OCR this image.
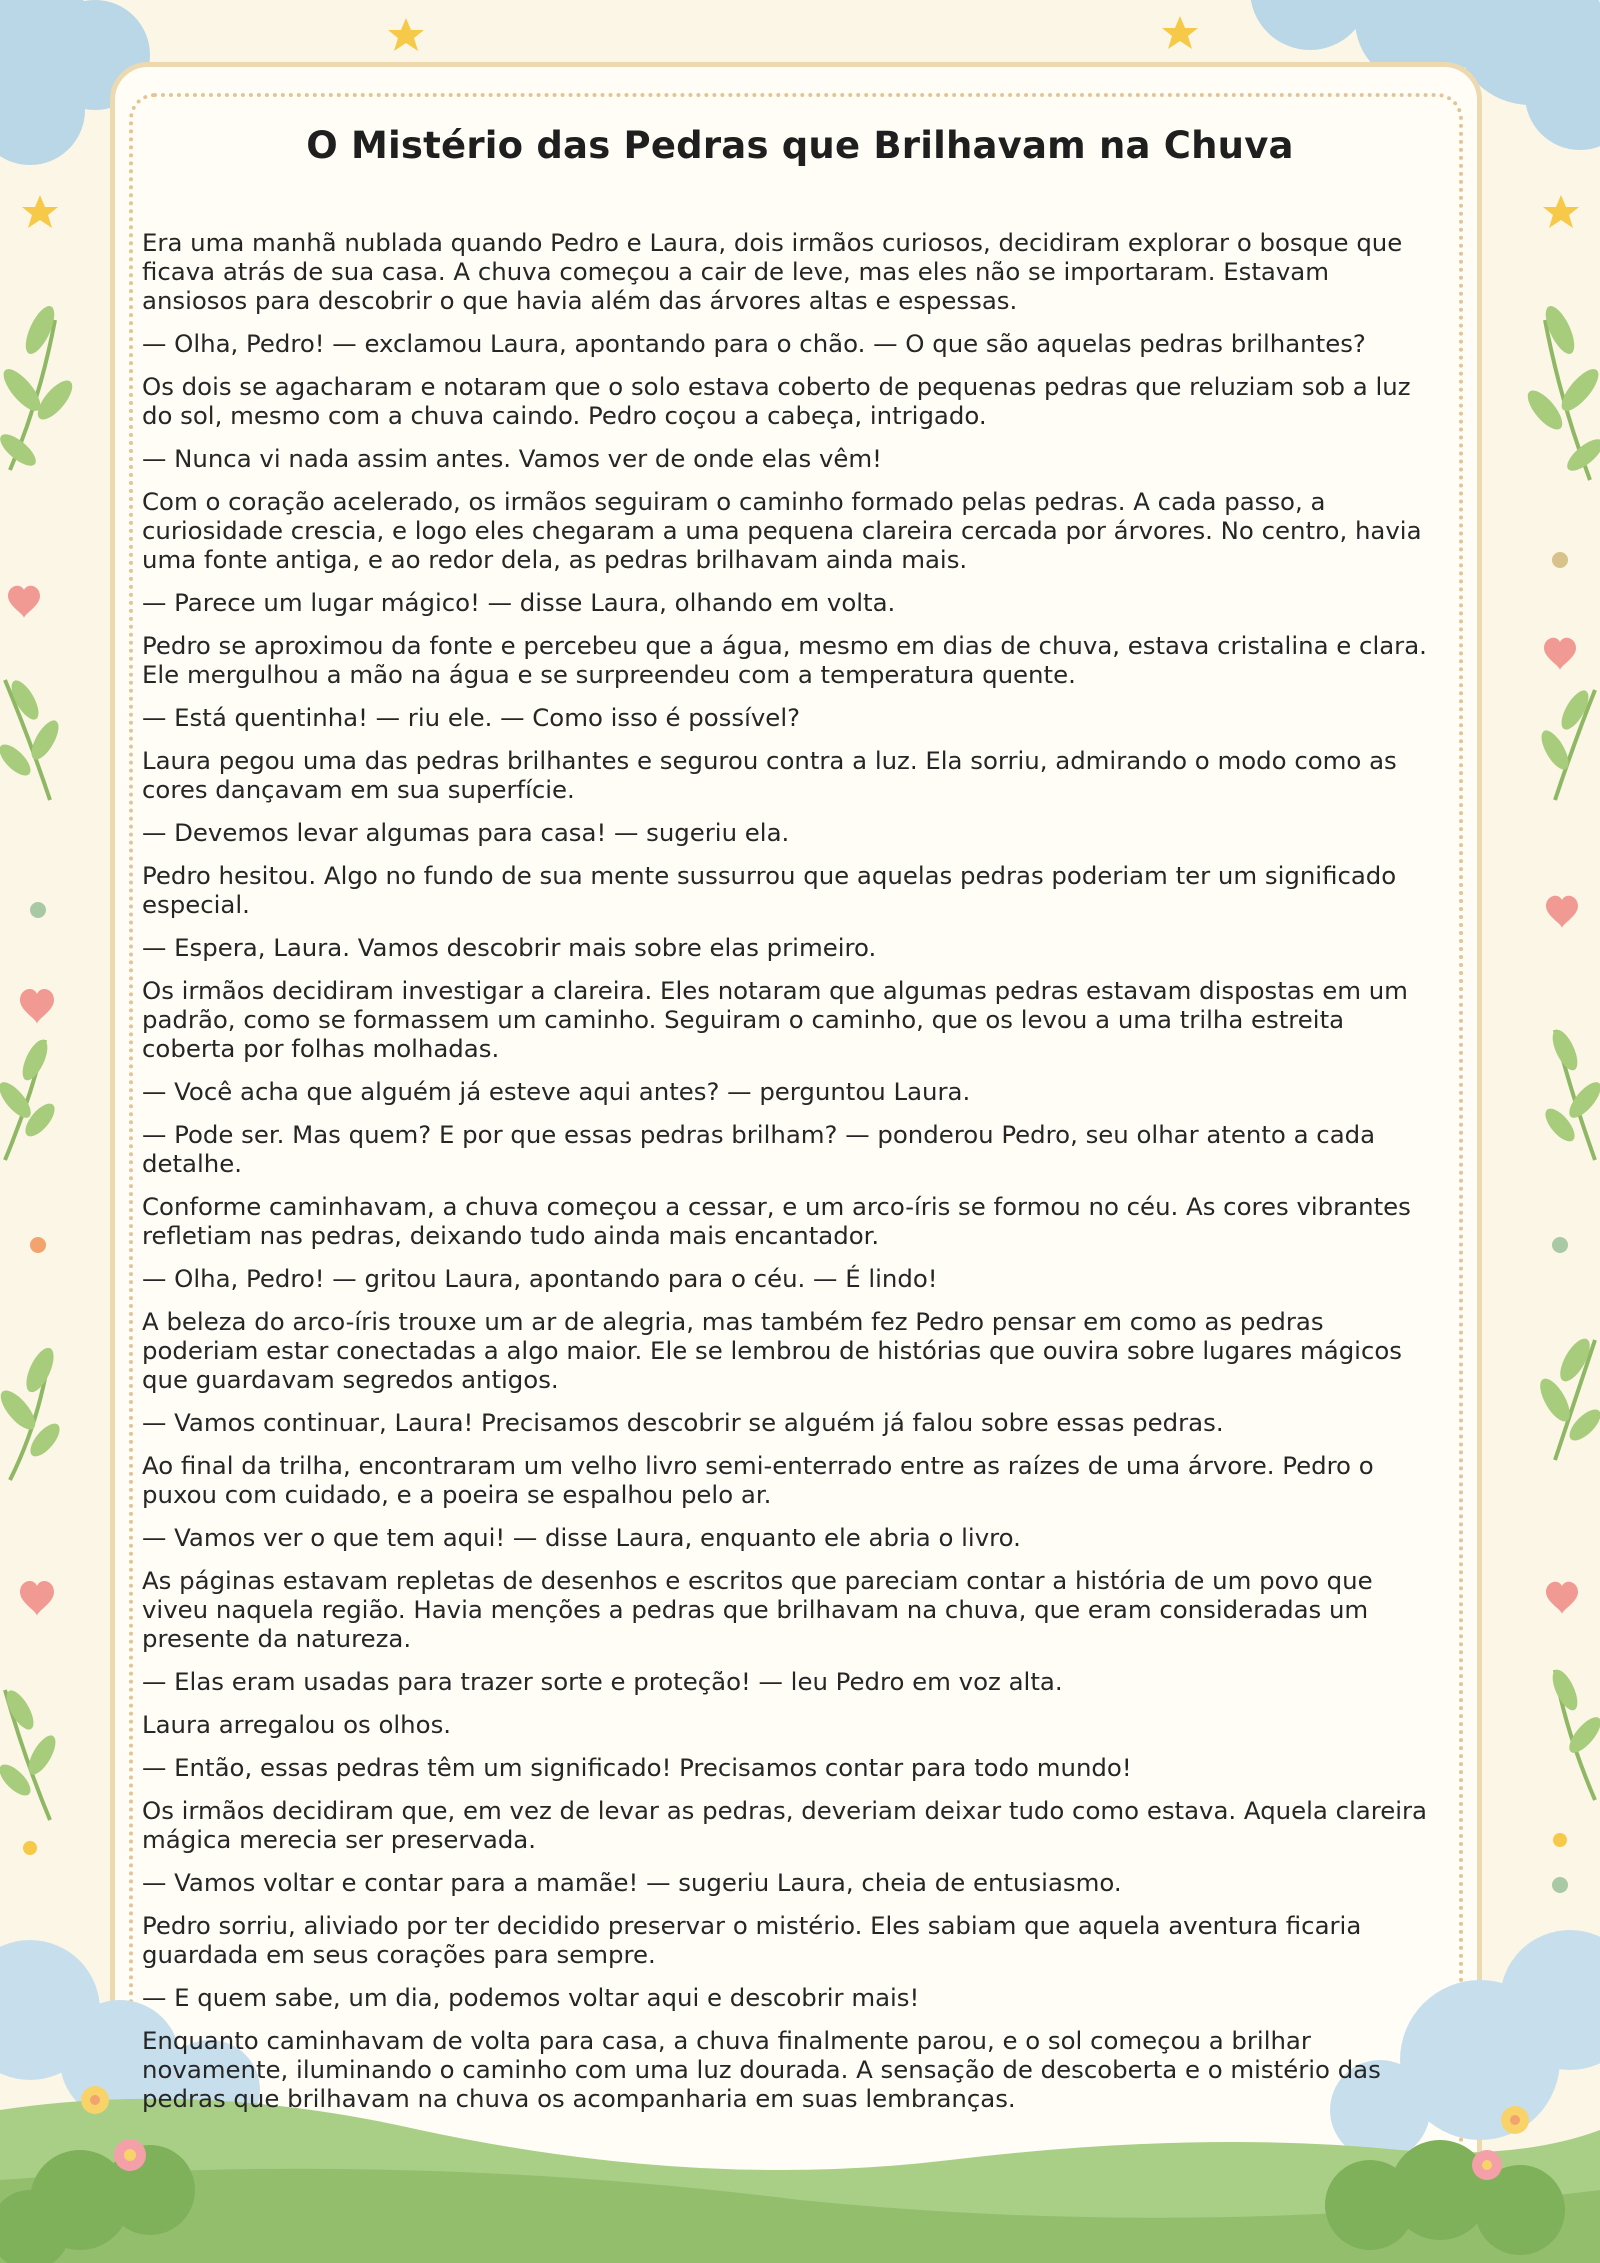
O Mistério das Pedras que Brilhavam na Chuva

Era uma manhã nublada quando Pedro e Laura, dois irmãos curiosos, decidiram explorar o bosque que ficava atrás de sua casa. A chuva começou a cair de leve, mas eles não se importaram. Estavam ansiosos para descobrir o que havia além das árvores altas e espessas.

— Olha, Pedro! — exclamou Laura, apontando para o chão. — O que são aquelas pedras brilhantes?

Os dois se agacharam e notaram que o solo estava coberto de pequenas pedras que reluziam sob a luz do sol, mesmo com a chuva caindo. Pedro coçou a cabeça, intrigado.

— Nunca vi nada assim antes. Vamos ver de onde elas vêm!

Com o coração acelerado, os irmãos seguiram o caminho formado pelas pedras. A cada passo, a curiosidade crescia, e logo eles chegaram a uma pequena clareira cercada por árvores. No centro, havia uma fonte antiga, e ao redor dela, as pedras brilhavam ainda mais.

— Parece um lugar mágico! — disse Laura, olhando em volta.

Pedro se aproximou da fonte e percebeu que a água, mesmo em dias de chuva, estava cristalina e clara. Ele mergulhou a mão na água e se surpreendeu com a temperatura quente.

— Está quentinha! — riu ele. — Como isso é possível?

Laura pegou uma das pedras brilhantes e segurou contra a luz. Ela sorriu, admirando o modo como as cores dançavam em sua superfície.

— Devemos levar algumas para casa! — sugeriu ela.

Pedro hesitou. Algo no fundo de sua mente sussurrou que aquelas pedras poderiam ter um significado especial.

— Espera, Laura. Vamos descobrir mais sobre elas primeiro.

Os irmãos decidiram investigar a clareira. Eles notaram que algumas pedras estavam dispostas em um padrão, como se formassem um caminho. Seguiram o caminho, que os levou a uma trilha estreita coberta por folhas molhadas.

— Você acha que alguém já esteve aqui antes? — perguntou Laura.

— Pode ser. Mas quem? E por que essas pedras brilham? — ponderou Pedro, seu olhar atento a cada detalhe.

Conforme caminhavam, a chuva começou a cessar, e um arco-íris se formou no céu. As cores vibrantes refletiam nas pedras, deixando tudo ainda mais encantador.

— Olha, Pedro! — gritou Laura, apontando para o céu. — É lindo!

A beleza do arco-íris trouxe um ar de alegria, mas também fez Pedro pensar em como as pedras poderiam estar conectadas a algo maior. Ele se lembrou de histórias que ouvira sobre lugares mágicos que guardavam segredos antigos.

— Vamos continuar, Laura! Precisamos descobrir se alguém já falou sobre essas pedras.

Ao final da trilha, encontraram um velho livro semi-enterrado entre as raízes de uma árvore. Pedro o puxou com cuidado, e a poeira se espalhou pelo ar.

— Vamos ver o que tem aqui! — disse Laura, enquanto ele abria o livro.

As páginas estavam repletas de desenhos e escritos que pareciam contar a história de um povo que viveu naquela região. Havia menções a pedras que brilhavam na chuva, que eram consideradas um presente da natureza.

— Elas eram usadas para trazer sorte e proteção! — leu Pedro em voz alta.

Laura arregalou os olhos.

— Então, essas pedras têm um significado! Precisamos contar para todo mundo!

Os irmãos decidiram que, em vez de levar as pedras, deveriam deixar tudo como estava. Aquela clareira mágica merecia ser preservada.

— Vamos voltar e contar para a mamãe! — sugeriu Laura, cheia de entusiasmo.

Pedro sorriu, aliviado por ter decidido preservar o mistério. Eles sabiam que aquela aventura ficaria guardada em seus corações para sempre.

— E quem sabe, um dia, podemos voltar aqui e descobrir mais!

Enquanto caminhavam de volta para casa, a chuva finalmente parou, e o sol começou a brilhar novamente, iluminando o caminho com uma luz dourada. A sensação de descoberta e o mistério das pedras que brilhavam na chuva os acompanharia em suas lembranças.
